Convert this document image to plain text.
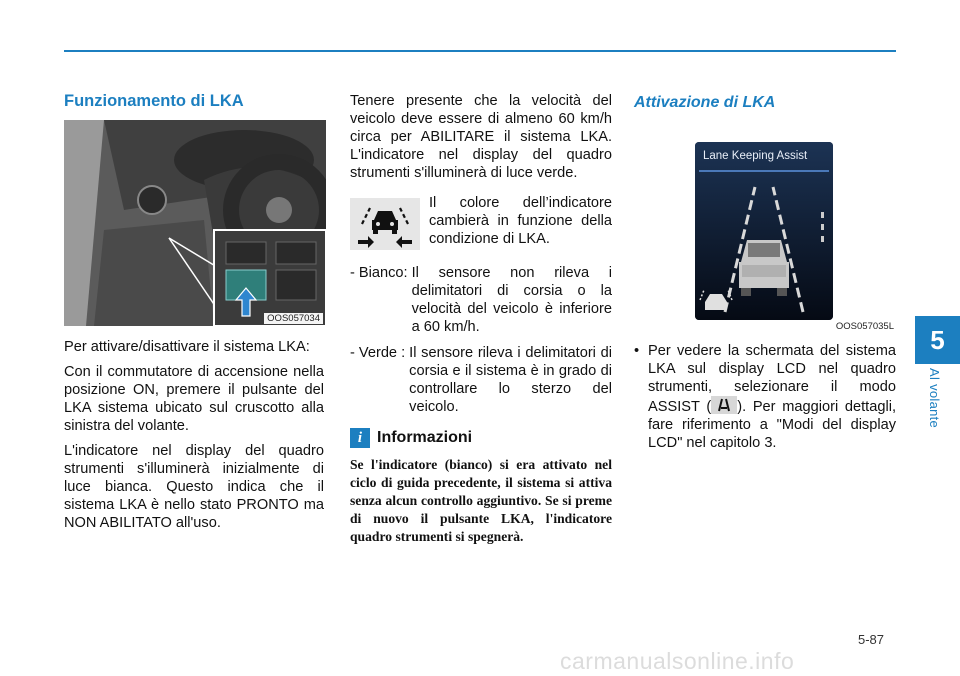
5
Al volante
Funzionamento di LKA
OOS057034

Per attivare/disattivare il sistema LKA:

Con il commutatore di accensione nella posizione ON, premere il pulsante del LKA sistema ubicato sul cruscotto alla sinistra del volante.

L'indicatore nel display del quadro strumenti s'illuminerà inizialmente di luce bianca. Questo indica che il sistema LKA è nello stato PRONTO ma NON ABILITATO all'uso.

Tenere presente che la velocità del veicolo deve essere di almeno 60 km/h circa per ABILITARE il sistema LKA. L'indicatore nel display del quadro strumenti s'illuminerà di luce verde.

Il colore dell’indicatore cambierà in funzione della condizione di LKA.

- Bianco: Il sensore non rileva i delimitatori di corsia o la velocità del veicolo è inferiore a 60 km/h.
- Verde : Il sensore rileva i delimitatori di corsia e il sistema è in grado di controllare lo sterzo del veicolo.
i Informazioni

Se l'indicatore (bianco) si era attivato nel ciclo di guida precedente, il sistema si attiva senza alcun controllo aggiuntivo. Se si preme di nuovo il pulsante LKA, l'indicatore quadro strumenti si spegnerà.

Attivazione di LKA
Lane Keeping Assist
OOS057035L
• Per vedere la schermata del sistema LKA sul display LCD nel quadro strumenti, selezionare il modo ASSIST ( ). Per maggiori dettagli, fare riferimento a "Modi del display LCD" nel capitolo 3.
5-87
carmanualsonline.info
